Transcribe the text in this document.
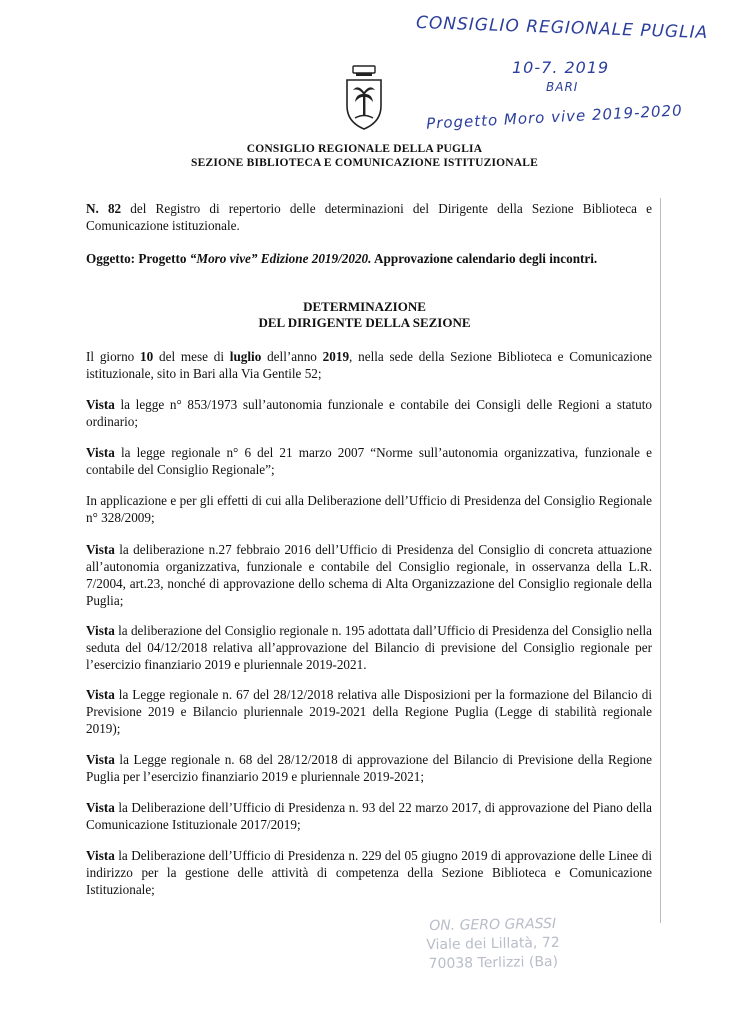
CONSIGLIO REGIONALE PUGLIA
10-7. 2019
BARI
Progetto Moro vive 2019-2020
CONSIGLIO REGIONALE DELLA PUGLIA
SEZIONE BIBLIOTECA E COMUNICAZIONE ISTITUZIONALE
N. 82 del Registro di repertorio delle determinazioni del Dirigente della Sezione Biblioteca e Comunicazione istituzionale.
Oggetto: Progetto “Moro vive” Edizione 2019/2020. Approvazione calendario degli incontri.
DETERMINAZIONE
DEL DIRIGENTE DELLA SEZIONE
Il giorno 10 del mese di luglio dell’anno 2019, nella sede della Sezione Biblioteca e Comunicazione istituzionale, sito in Bari alla Via Gentile 52;
Vista la legge n° 853/1973 sull’autonomia funzionale e contabile dei Consigli delle Regioni a statuto ordinario;
Vista la legge regionale n° 6 del 21 marzo 2007 “Norme sull’autonomia organizzativa, funzionale e contabile del Consiglio Regionale”;
In applicazione e per gli effetti di cui alla Deliberazione dell’Ufficio di Presidenza del Consiglio Regionale n° 328/2009;
Vista la deliberazione n.27 febbraio 2016 dell’Ufficio di Presidenza del Consiglio di concreta attuazione all’autonomia organizzativa, funzionale e contabile del Consiglio regionale, in osservanza della L.R. 7/2004, art.23, nonché di approvazione dello schema di Alta Organizzazione del Consiglio regionale della Puglia;
Vista la deliberazione del Consiglio regionale n. 195 adottata dall’Ufficio di Presidenza del Consiglio nella seduta del 04/12/2018 relativa all’approvazione del Bilancio di previsione del Consiglio regionale per l’esercizio finanziario 2019 e pluriennale 2019-2021.
Vista la Legge regionale n. 67 del 28/12/2018 relativa alle Disposizioni per la formazione del Bilancio di Previsione 2019 e Bilancio pluriennale 2019-2021 della Regione Puglia (Legge di stabilità regionale 2019);
Vista la Legge regionale n. 68 del 28/12/2018 di approvazione del Bilancio di Previsione della Regione Puglia per l’esercizio finanziario 2019 e pluriennale 2019-2021;
Vista la Deliberazione dell’Ufficio di Presidenza n. 93 del 22 marzo 2017, di approvazione del Piano della Comunicazione Istituzionale 2017/2019;
Vista la Deliberazione dell’Ufficio di Presidenza n. 229 del 05 giugno 2019 di approvazione delle Linee di indirizzo per la gestione delle attività di competenza della Sezione Biblioteca e Comunicazione Istituzionale;
ON. GERO GRASSI
Viale dei Lillatà, 72
70038 Terlizzi (Ba)
